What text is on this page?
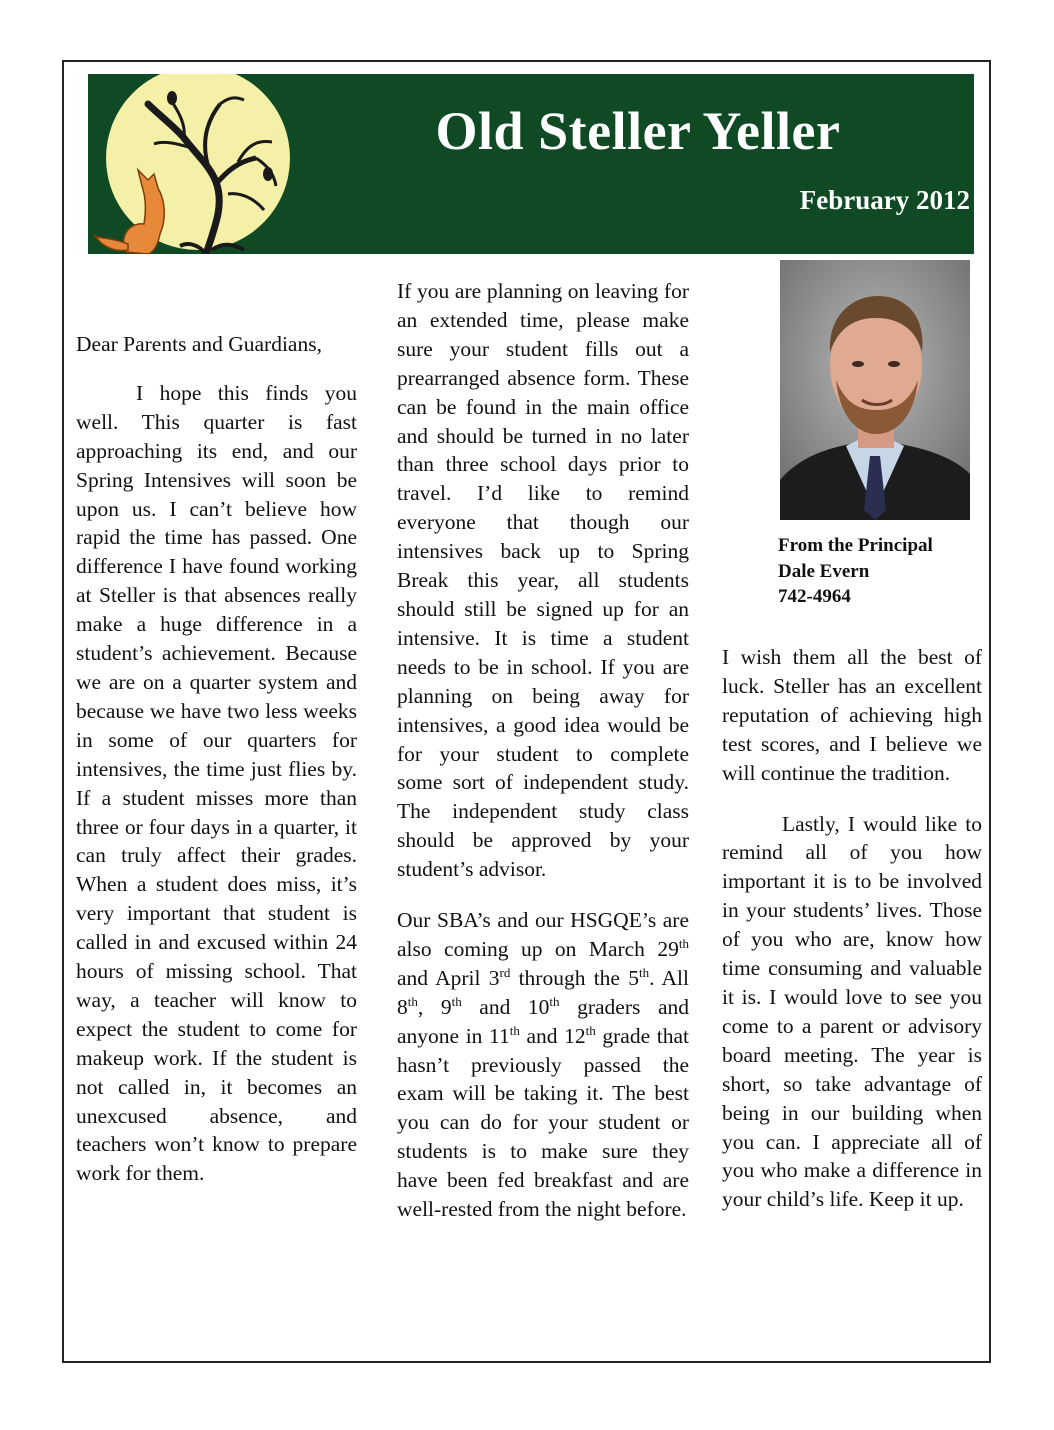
Old Steller Yeller
February 2012

Dear Parents and Guardians,

I hope this finds you well. This quarter is fast approaching its end, and our Spring Intensives will soon be upon us. I can’t believe how rapid the time has passed. One difference I have found working at Steller is that absences really make a huge difference in a student’s achievement. Because we are on a quarter system and because we have two less weeks in some of our quarters for intensives, the time just flies by. If a student misses more than three or four days in a quarter, it can truly affect their grades. When a student does miss, it’s very important that student is called in and excused within 24 hours of missing school. That way, a teacher will know to expect the student to come for makeup work. If the student is not called in, it becomes an unexcused absence, and teachers won’t know to prepare work for them.

If you are planning on leaving for an extended time, please make sure your student fills out a prearranged absence form. These can be found in the main office and should be turned in no later than three school days prior to travel. I’d like to remind everyone that though our intensives back up to Spring Break this year, all students should still be signed up for an intensive. It is time a student needs to be in school. If you are planning on being away for intensives, a good idea would be for your student to complete some sort of independent study. The independent study class should be approved by your student’s advisor.

Our SBA’s and our HSGQE’s are also coming up on March 29th and April 3rd through the 5th. All 8th, 9th and 10th graders and anyone in 11th and 12th grade that hasn’t previously passed the exam will be taking it. The best you can do for your student or students is to make sure they have been fed breakfast and are well-rested from the night before.

From the Principal
Dale Evern
742-4964

I wish them all the best of luck. Steller has an excellent reputation of achieving high test scores, and I believe we will continue the tradition.

Lastly, I would like to remind all of you how important it is to be involved in your students’ lives. Those of you who are, know how time consuming and valuable it is. I would love to see you come to a parent or advisory board meeting. The year is short, so take advantage of being in our building when you can. I appreciate all of you who make a difference in your child’s life. Keep it up.
